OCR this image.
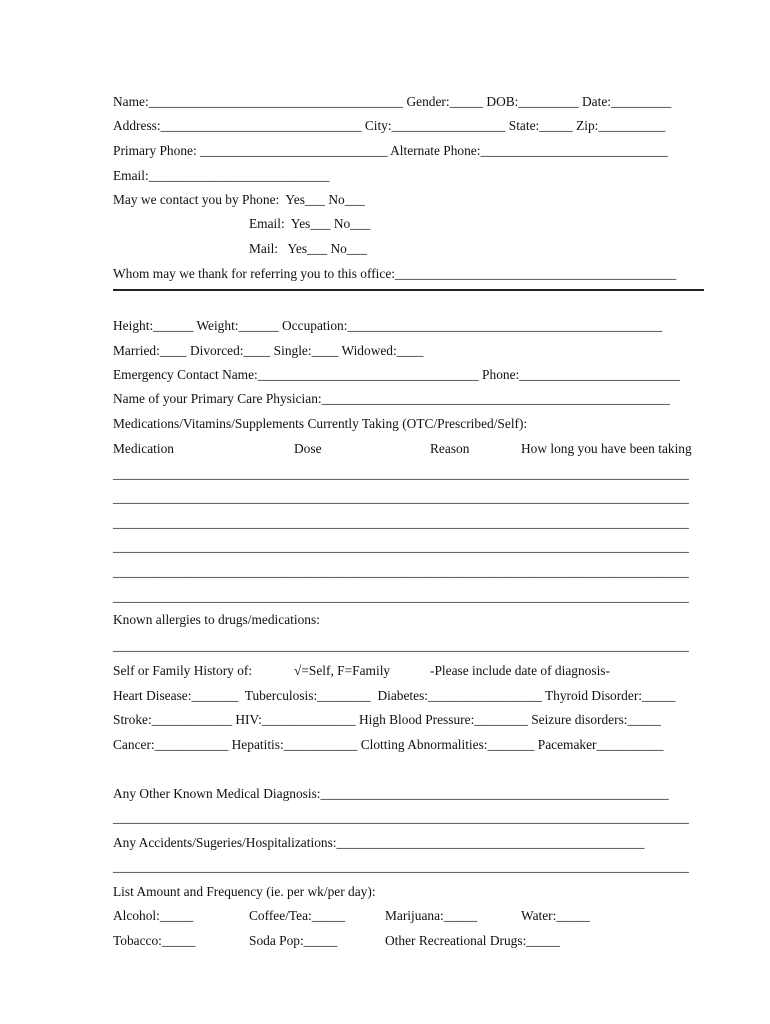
Name:______________________________________ Gender:_____ DOB:_________ Date:_________
Address:______________________________ City:_________________ State:_____ Zip:__________
Primary Phone: ____________________________ Alternate Phone:____________________________
Email:___________________________
May we contact you by Phone:  Yes___ No___
Email:  Yes___ No___
Mail:   Yes___ No___
Whom may we thank for referring you to this office:__________________________________________
Height:______ Weight:______ Occupation:_______________________________________________
Married:____ Divorced:____ Single:____ Widowed:____
Emergency Contact Name:_________________________________ Phone:________________________
Name of your Primary Care Physician:____________________________________________________
Medications/Vitamins/Supplements Currently Taking (OTC/Prescribed/Self):
Medication	Dose	Reason	How long you have been taking
______________________________________________________________________________________
______________________________________________________________________________________
______________________________________________________________________________________
______________________________________________________________________________________
______________________________________________________________________________________
______________________________________________________________________________________
Known allergies to drugs/medications:
______________________________________________________________________________________
Self or Family History of:	√=Self, F=Family	-Please include date of diagnosis-
Heart Disease:_______  Tuberculosis:________  Diabetes:_________________ Thyroid Disorder:_____
Stroke:____________ HIV:______________ High Blood Pressure:________ Seizure disorders:_____
Cancer:___________ Hepatitis:___________ Clotting Abnormalities:_______ Pacemaker__________
Any Other Known Medical Diagnosis:____________________________________________________
______________________________________________________________________________________
Any Accidents/Sugeries/Hospitalizations:______________________________________________
______________________________________________________________________________________
List Amount and Frequency (ie. per wk/per day):
Alcohol:_____	Coffee/Tea:_____	Marijuana:_____	Water:_____
Tobacco:_____	Soda Pop:_____	Other Recreational Drugs:_____
